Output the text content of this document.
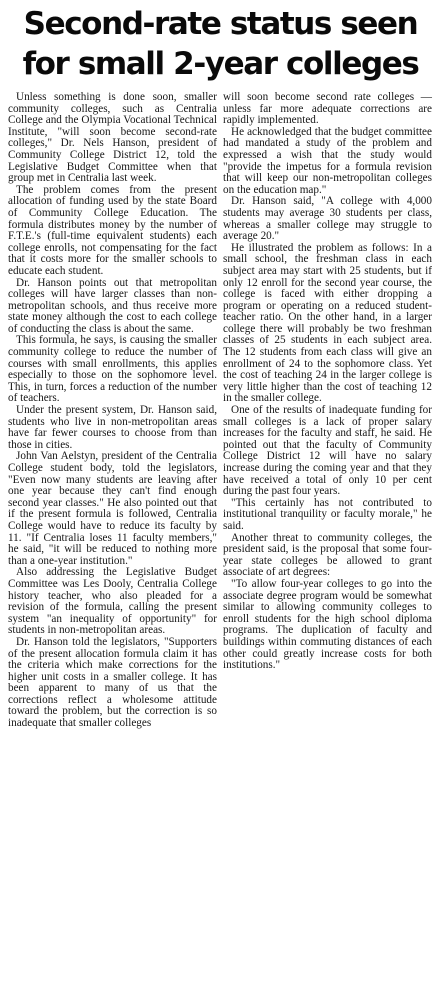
Second-rate status seen
for small 2-year colleges

Unless something is done soon, smaller community colleges, such as Centralia College and the Olympia Vocational Technical Institute, "will soon become second-rate colleges," Dr. Nels Hanson, president of Community College District 12, told the Legislative Budget Committee when that group met in Centralia last week.

The problem comes from the present allocation of funding used by the state Board of Community College Education. The formula distributes money by the number of F.T.E.'s (full-time equivalent students) each college enrolls, not compensating for the fact that it costs more for the smaller schools to educate each student.

Dr. Hanson points out that metropolitan colleges will have larger classes than non-metropolitan schools, and thus receive more state money although the cost to each college of conducting the class is about the same.

This formula, he says, is causing the smaller community college to reduce the number of courses with small enrollments, this applies especially to those on the sophomore level. This, in turn, forces a reduction of the number of teachers.

Under the present system, Dr. Hanson said, students who live in non-metropolitan areas have far fewer courses to choose from than those in cities.

John Van Aelstyn, president of the Centralia College student body, told the legislators, "Even now many students are leaving after one year because they can't find enough second year classes." He also pointed out that if the present formula is followed, Centralia College would have to reduce its faculty by 11. "If Centralia loses 11 faculty members," he said, "it will be reduced to nothing more than a one-year institution."

Also addressing the Legislative Budget Committee was Les Dooly, Centralia College history teacher, who also pleaded for a revision of the formula, calling the present system "an inequality of opportunity" for students in non-metropolitan areas.

Dr. Hanson told the legislators, "Supporters of the present allocation formula claim it has the criteria which make corrections for the higher unit costs in a smaller college. It has been apparent to many of us that the corrections reflect a wholesome attitude toward the problem, but the correction is so inadequate that smaller colleges

will soon become second rate colleges — unless far more adequate corrections are rapidly implemented.

He acknowledged that the budget committee had mandated a study of the problem and expressed a wish that the study would "provide the impetus for a formula revision that will keep our non-metropolitan colleges on the education map."

Dr. Hanson said, "A college with 4,000 students may average 30 students per class, whereas a smaller college may struggle to average 20."

He illustrated the problem as follows: In a small school, the freshman class in each subject area may start with 25 students, but if only 12 enroll for the second year course, the college is faced with either dropping a program or operating on a reduced student-teacher ratio. On the other hand, in a larger college there will probably be two freshman classes of 25 students in each subject area. The 12 students from each class will give an enrollment of 24 to the sophomore class. Yet the cost of teaching 24 in the larger college is very little higher than the cost of teaching 12 in the smaller college.

One of the results of inadequate funding for small colleges is a lack of proper salary increases for the faculty and staff, he said. He pointed out that the faculty of Community College District 12 will have no salary increase during the coming year and that they have received a total of only 10 per cent during the past four years.

"This certainly has not contributed to institutional tranquility or faculty morale," he said.

Another threat to community colleges, the president said, is the proposal that some four-year state colleges be allowed to grant associate of art degrees:

"To allow four-year colleges to go into the associate degree program would be somewhat similar to allowing community colleges to enroll students for the high school diploma programs. The duplication of faculty and buildings within commuting distances of each other could greatly increase costs for both institutions."
